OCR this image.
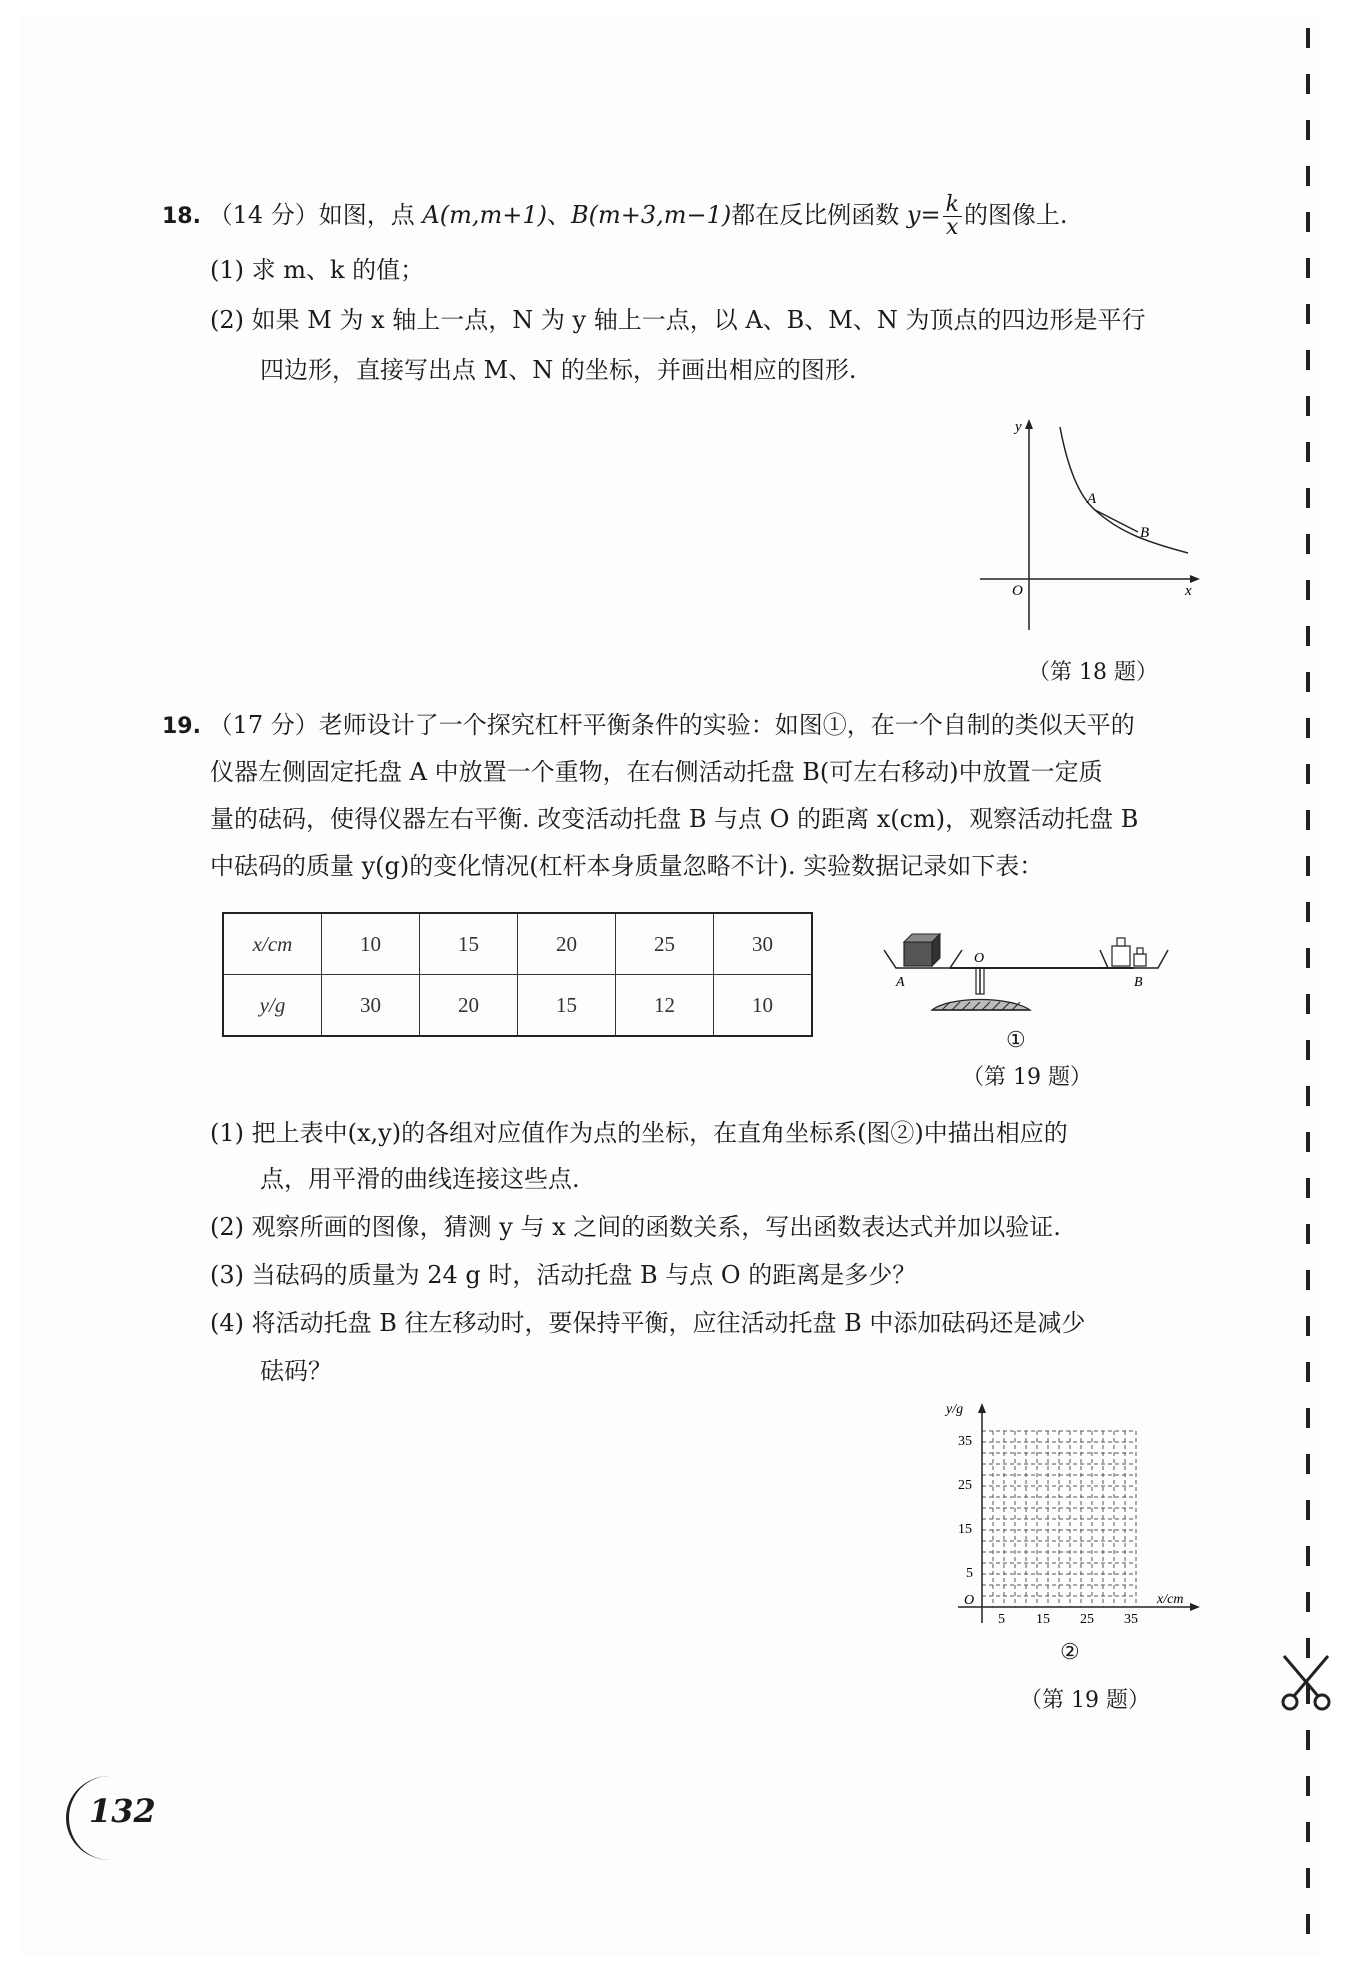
18. （14 分）如图，点 A(m,m+1)、B(m+3,m−1)都在反比例函数 $y= \frac{k}{x}$ 的图像上.
(1) 求 m、k 的值；
(2) 如果 M 为 x 轴上一点，N 为 y 轴上一点，以 A、B、M、N 为顶点的四边形是平行
四边形，直接写出点 M、N 的坐标，并画出相应的图形.
y
x
O
A
B
（第 18 题）
19. （17 分）老师设计了一个探究杠杆平衡条件的实验：如图①，在一个自制的类似天平的
仪器左侧固定托盘 A 中放置一个重物，在右侧活动托盘 B(可左右移动)中放置一定质
量的砝码，使得仪器左右平衡. 改变活动托盘 B 与点 O 的距离 x(cm)，观察活动托盘 B
中砝码的质量 y(g)的变化情况(杠杆本身质量忽略不计). 实验数据记录如下表：
x/cm	10	15	20	25	30
y/g	30	20	15	12	10
A
O
B
①
（第 19 题）
(1) 把上表中(x,y)的各组对应值作为点的坐标，在直角坐标系(图②)中描出相应的
点，用平滑的曲线连接这些点.
(2) 观察所画的图像，猜测 y 与 x 之间的函数关系，写出函数表达式并加以验证.
(3) 当砝码的质量为 24 g 时，活动托盘 B 与点 O 的距离是多少？
(4) 将活动托盘 B 往左移动时，要保持平衡，应往活动托盘 B 中添加砝码还是减少
砝码？
y/g
x/cm
O
35
25
15
5
5 15 25 35
②
（第 19 题）
132
